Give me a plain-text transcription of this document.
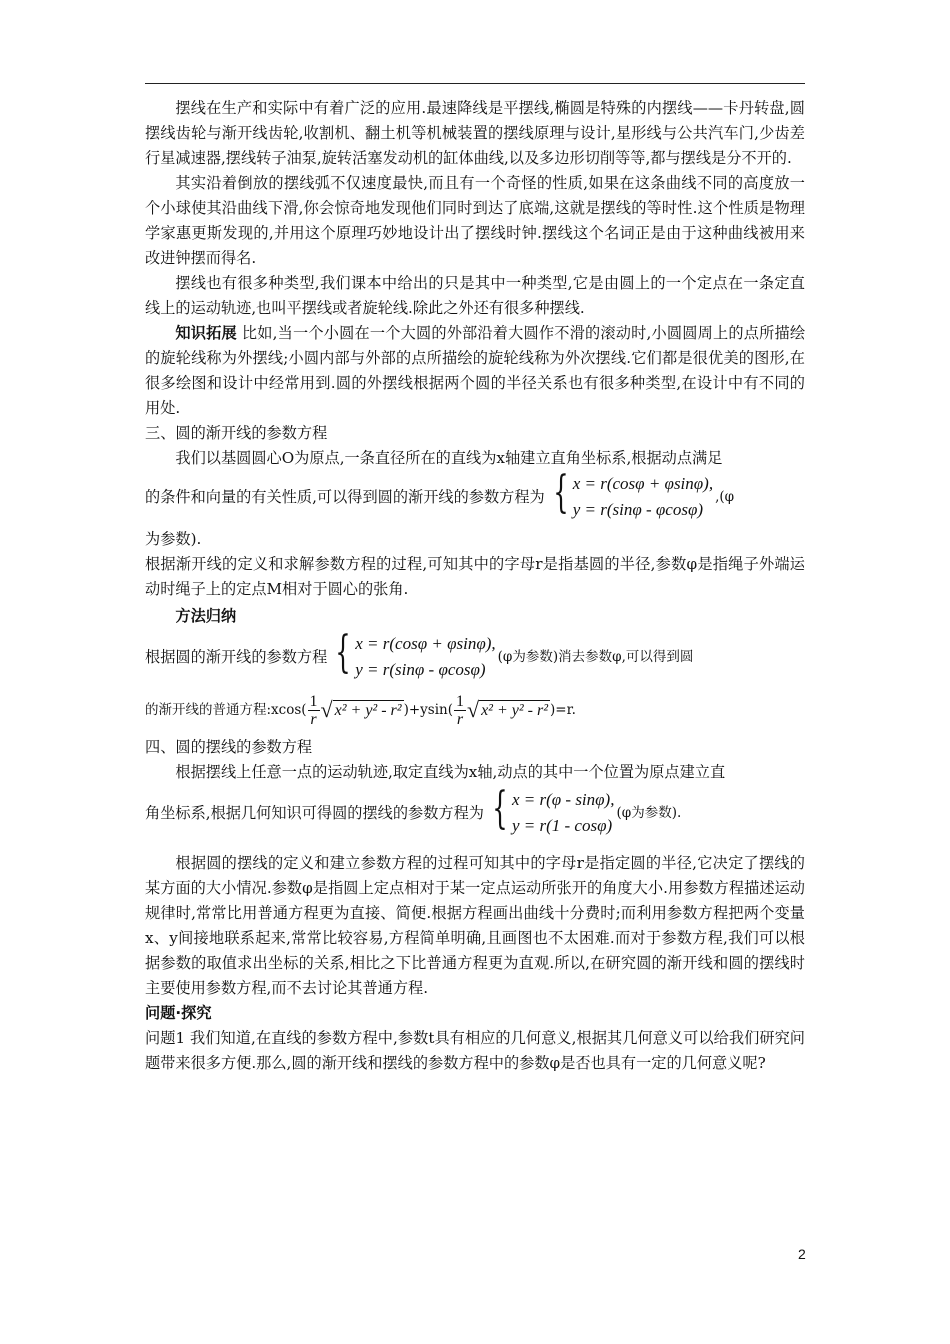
摆线在生产和实际中有着广泛的应用.最速降线是平摆线,椭圆是特殊的内摆线——卡丹转盘,圆摆线齿轮与渐开线齿轮,收割机、翻土机等机械装置的摆线原理与设计,星形线与公共汽车门,少齿差行星减速器,摆线转子油泵,旋转活塞发动机的缸体曲线,以及多边形切削等等,都与摆线是分不开的.

其实沿着倒放的摆线弧不仅速度最快,而且有一个奇怪的性质,如果在这条曲线不同的高度放一个小球使其沿曲线下滑,你会惊奇地发现他们同时到达了底端,这就是摆线的等时性.这个性质是物理学家惠更斯发现的,并用这个原理巧妙地设计出了摆线时钟.摆线这个名词正是由于这种曲线被用来改进钟摆而得名.

摆线也有很多种类型,我们课本中给出的只是其中一种类型,它是由圆上的一个定点在一条定直线上的运动轨迹,也叫平摆线或者旋轮线.除此之外还有很多种摆线.

知识拓展 比如,当一个小圆在一个大圆的外部沿着大圆作不滑的滚动时,小圆圆周上的点所描绘的旋轮线称为外摆线;小圆内部与外部的点所描绘的旋轮线称为外次摆线.它们都是很优美的图形,在很多绘图和设计中经常用到.圆的外摆线根据两个圆的半径关系也有很多种类型,在设计中有不同的用处.

三、圆的渐开线的参数方程

我们以基圆圆心O为原点,一条直径所在的直线为x轴建立直角坐标系,根据动点满足

的条件和向量的有关性质,可以得到圆的渐开线的参数方程为 { x = r(cosφ + φsinφ),
y = r(sinφ - φcosφ)
,(φ

为参数).

根据渐开线的定义和求解参数方程的过程,可知其中的字母r是指基圆的半径,参数φ是指绳子外端运动时绳子上的定点M相对于圆心的张角.

方法归纳

根据圆的渐开线的参数方程 { x = r(cosφ + φsinφ),
y = r(sinφ - φcosφ)
(φ为参数)消去参数φ,可以得到圆
的渐开线的普通方程:xcos( $\frac{1}{r}$ √ x² + y² - r² )$+ysin( \frac{1}{r}$ √ x² + y² - r² )=r.

四、圆的摆线的参数方程

根据摆线上任意一点的运动轨迹,取定直线为x轴,动点的其中一个位置为原点建立直

角坐标系,根据几何知识可得圆的摆线的参数方程为 { x = r(φ - sinφ),
y = r(1 - cosφ)
(φ为参数).

根据圆的摆线的定义和建立参数方程的过程可知其中的字母r是指定圆的半径,它决定了摆线的某方面的大小情况.参数φ是指圆上定点相对于某一定点运动所张开的角度大小.用参数方程描述运动规律时,常常比用普通方程更为直接、简便.根据方程画出曲线十分费时;而利用参数方程把两个变量x、y间接地联系起来,常常比较容易,方程简单明确,且画图也不太困难.而对于参数方程,我们可以根据参数的取值求出坐标的关系,相比之下比普通方程更为直观.所以,在研究圆的渐开线和圆的摆线时主要使用参数方程,而不去讨论其普通方程.

问题·探究

问题1 我们知道,在直线的参数方程中,参数t具有相应的几何意义,根据其几何意义可以给我们研究问题带来很多方便.那么,圆的渐开线和摆线的参数方程中的参数φ是否也具有一定的几何意义呢?

2
